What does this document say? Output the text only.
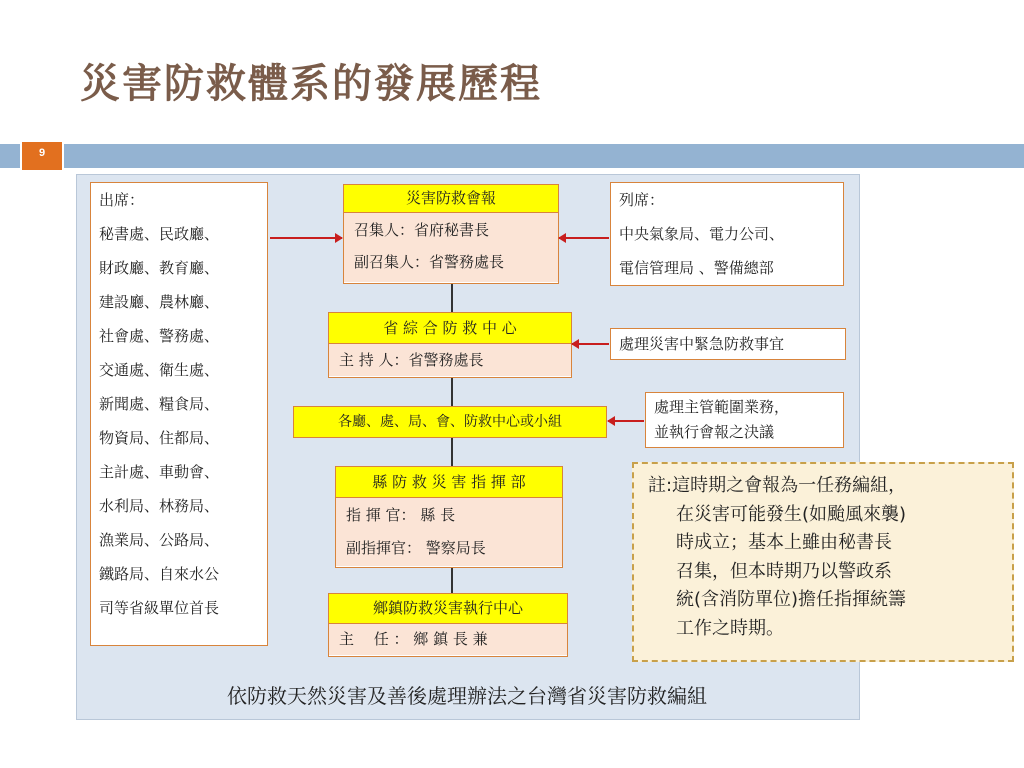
災害防救體系的發展歷程
9
出席：
秘書處、民政廳、
財政廳、教育廳、
建設廳、農林廳、
社會處、警務處、
交通處、衛生處、
新聞處、糧食局、
物資局、住都局、
主計處、車動會、
水利局、林務局、
漁業局、公路局、
鐵路局、自來水公
司等省級單位首長
列席：
中央氣象局、電力公司、
電信管理局 、警備總部
災害防救會報
召集人：省府秘書長
副召集人：省警務處長
省 綜 合 防 救 中 心
主 持 人：省警務處長
處理災害中緊急防救事宜
各廳、處、局、會、防救中心或小組
處理主管範圍業務，
並執行會報之決議
縣 防 救 災 害 指 揮 部
指 揮 官： 縣 長
副指揮官： 警察局長
鄉鎮防救災害執行中心
主　 任 ： 鄉 鎮 長 兼
註:這時期之會報為一任務編組，
在災害可能發生(如颱風來襲)
時成立；基本上雖由秘書長
召集，但本時期乃以警政系
統(含消防單位)擔任指揮統籌
工作之時期。
依防救天然災害及善後處理辦法之台灣省災害防救編組
